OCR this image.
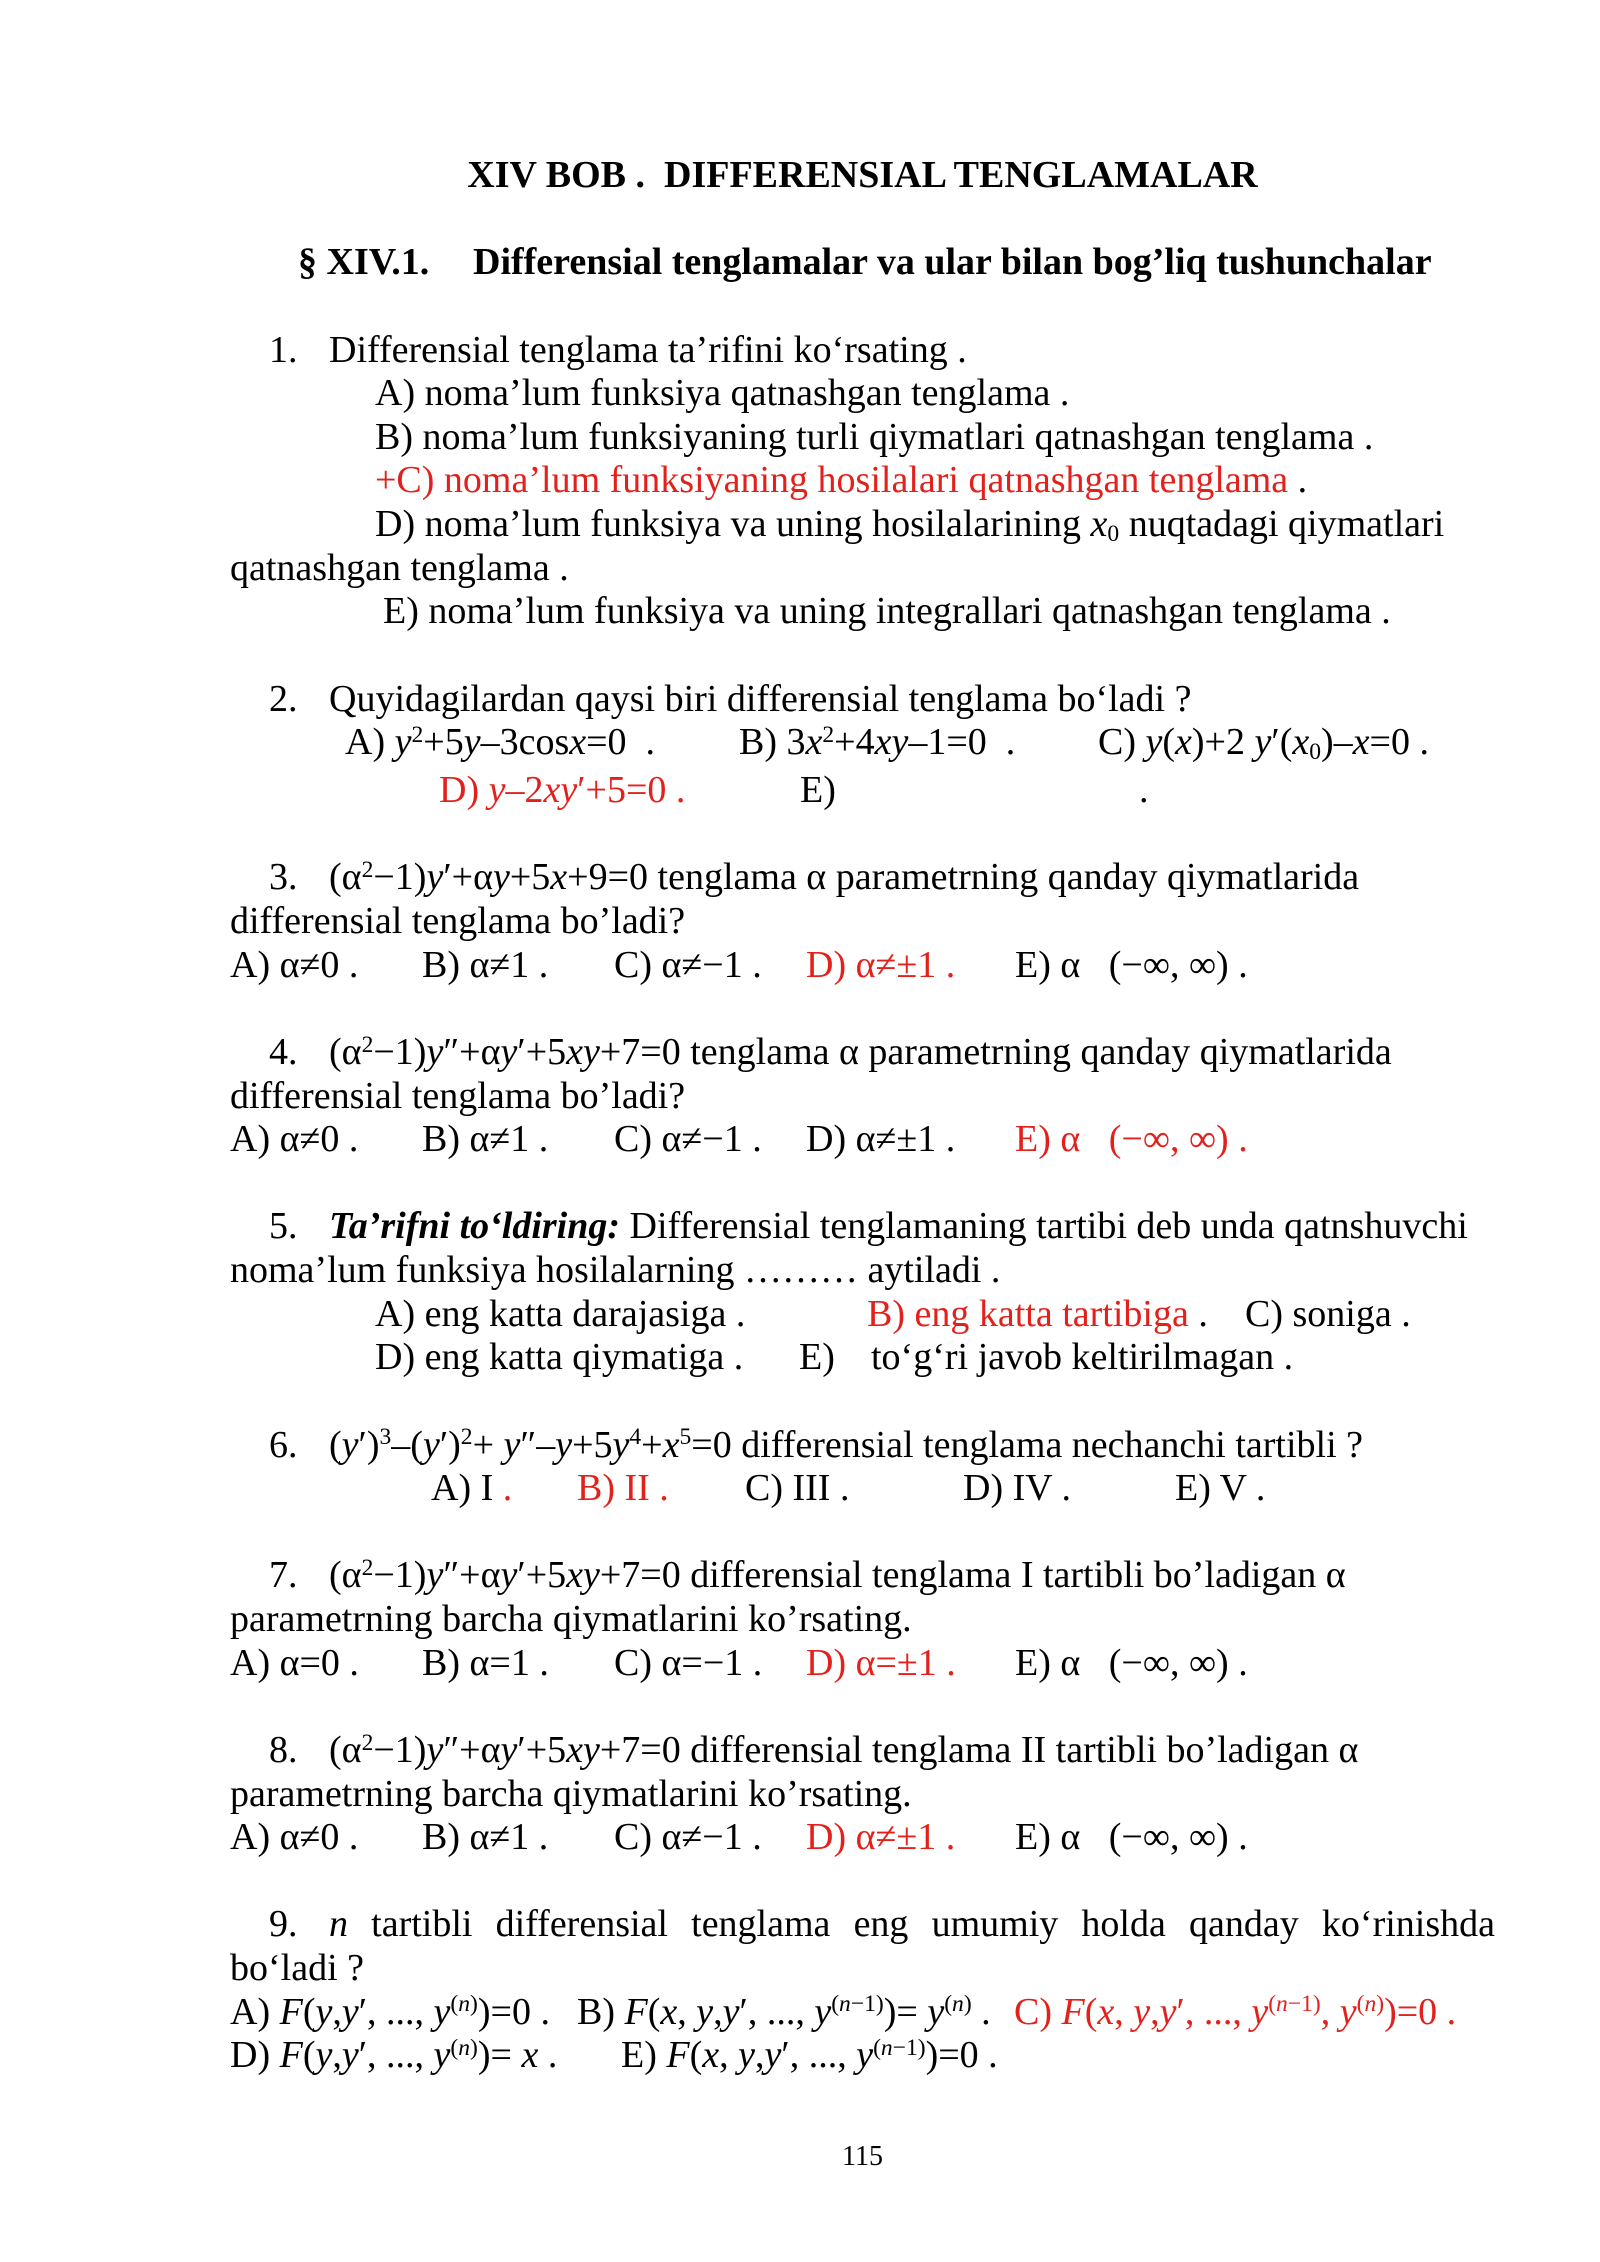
XIV BOB .  DIFFERENSIAL TENGLAMALAR
§ XIV.1. Differensial tenglamalar va ular bilan bog’liq tushunchalar
1. Differensial tenglama ta’rifini ko‘rsating .
A) noma’lum funksiya qatnashgan tenglama .
B) noma’lum funksiyaning turli qiymatlari qatnashgan tenglama .
+C) noma’lum funksiyaning hosilalari qatnashgan tenglama .
D) noma’lum funksiya va uning hosilalarining x0 nuqtadagi qiymatlari
qatnashgan tenglama .
E) noma’lum funksiya va uning integrallari qatnashgan tenglama .
2. Quyidagilardan qaysi biri differensial tenglama bo‘ladi ?
A) $y^2+5y-3\cos x=0$  . B) $3x^2+4xy-1=0$  . C) y(x)+2 y′(x0)–x=0 .
D) y–2xy′+5=0 .	E)	.
3. $(\alpha^2-1)y'+\alpha y+5x+9=0$ tenglama α parametrning qanday qiymatlarida
differensial tenglama bo’ladi?
A) α≠0 . B) α≠1 . C) α≠−1 . D) α≠±1 . E) α   (−∞, ∞) .
4. $(\alpha^2-1)y''+\alpha y'+5xy+7=0$ tenglama α parametrning qanday qiymatlarida
differensial tenglama bo’ladi?
A) α≠0 . B) α≠1 . C) α≠−1 . D) α≠±1 . E) α   (−∞, ∞) .
5. Ta’rifni to‘ldiring: Differensial tenglamaning tartibi deb unda qatnshuvchi
noma’lum funksiya hosilalarning ……… aytiladi .
A) eng katta darajasiga .	B) eng katta tartibiga . C) soniga .
D) eng katta qiymatiga . E) to‘g‘ri javob keltirilmagan .
6. $(y')^3-(y')^2+ y''-y+5y^4+x^5=0$ differensial tenglama nechanchi tartibli ?
A) I . B) II . C) III .	D) IV .	E) V .
7. $(\alpha^2-1)y''+\alpha y'+5xy+7=0$ differensial tenglama I tartibli bo’ladigan α
parametrning barcha qiymatlarini ko’rsating.
A) α=0 . B) α=1 . C) α=−1 . D) α=±1 . E) α   (−∞, ∞) .
8. $(\alpha^2-1)y''+\alpha y'+5xy+7=0$ differensial tenglama II tartibli bo’ladigan α
parametrning barcha qiymatlarini ko’rsating.
A) α≠0 . B) α≠1 . C) α≠−1 . D) α≠±1 . E) α   (−∞, ∞) .
9. n tartibli differensial tenglama eng umumiy holda qanday ko‘rinishda
bo‘ladi ?
A) F(y,y′, ..., $y^{(n)})=0$ . B) F(x, y,y′, ..., $y^{(n-1)})= y^{(n)}$ . C) F(x, y,y′, ..., $y^{(n-1)}$, $y^{(n)})=0$ .
D) F(y,y′, ..., $y^{(n)})= x$ . E) F(x, y,y′, ..., $y^{(n-1)})=0$ .
115
